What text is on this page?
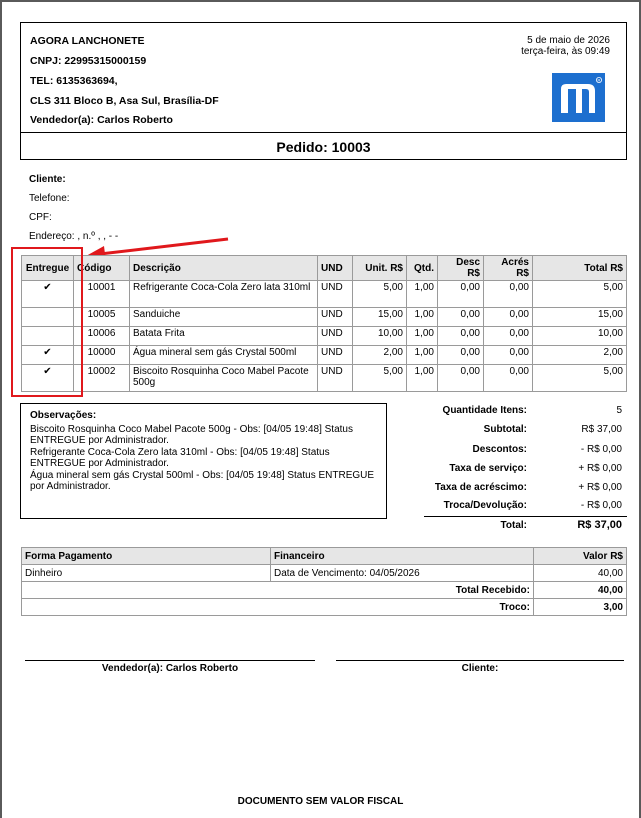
AGORA LANCHONETE
CNPJ: 22995315000159
TEL: 6135363694,
CLS 311 Bloco B, Asa Sul, Brasília-DF
Vendedor(a): Carlos Roberto
5 de maio de 2026
terça-feira, às 09:49
R
Pedido: 10003
Cliente:
Telefone:
CPF:
Endereço: , n.º , , - -
Entregue	Código	Descrição	UND	Unit. R$	Qtd.	Desc R$	Acrés R$	Total R$
✔	10001	Refrigerante Coca-Cola Zero lata 310ml	UND	5,00	1,00	0,00	0,00	5,00
	10005	Sanduiche	UND	15,00	1,00	0,00	0,00	15,00
	10006	Batata Frita	UND	10,00	1,00	0,00	0,00	10,00
✔	10000	Água mineral sem gás Crystal 500ml	UND	2,00	1,00	0,00	0,00	2,00
✔	10002	Biscoito Rosquinha Coco Mabel Pacote 500g	UND	5,00	1,00	0,00	0,00	5,00
Observações:
Biscoito Rosquinha Coco Mabel Pacote 500g - Obs: [04/05 19:48] Status ENTREGUE por Administrador.
Refrigerante Coca-Cola Zero lata 310ml - Obs: [04/05 19:48] Status ENTREGUE por Administrador.
Água mineral sem gás Crystal 500ml - Obs: [04/05 19:48] Status ENTREGUE por Administrador.
Quantidade Itens:	5
Subtotal:	R$ 37,00
Descontos:	- R$ 0,00
Taxa de serviço:	+ R$ 0,00
Taxa de acréscimo:	+ R$ 0,00
Troca/Devolução:	- R$ 0,00
Total:	R$ 37,00
Forma Pagamento	Financeiro	Valor R$
Dinheiro	Data de Vencimento: 04/05/2026	40,00
Total Recebido:		40,00
Troco:		3,00
Vendedor(a): Carlos Roberto	Cliente:
DOCUMENTO SEM VALOR FISCAL
